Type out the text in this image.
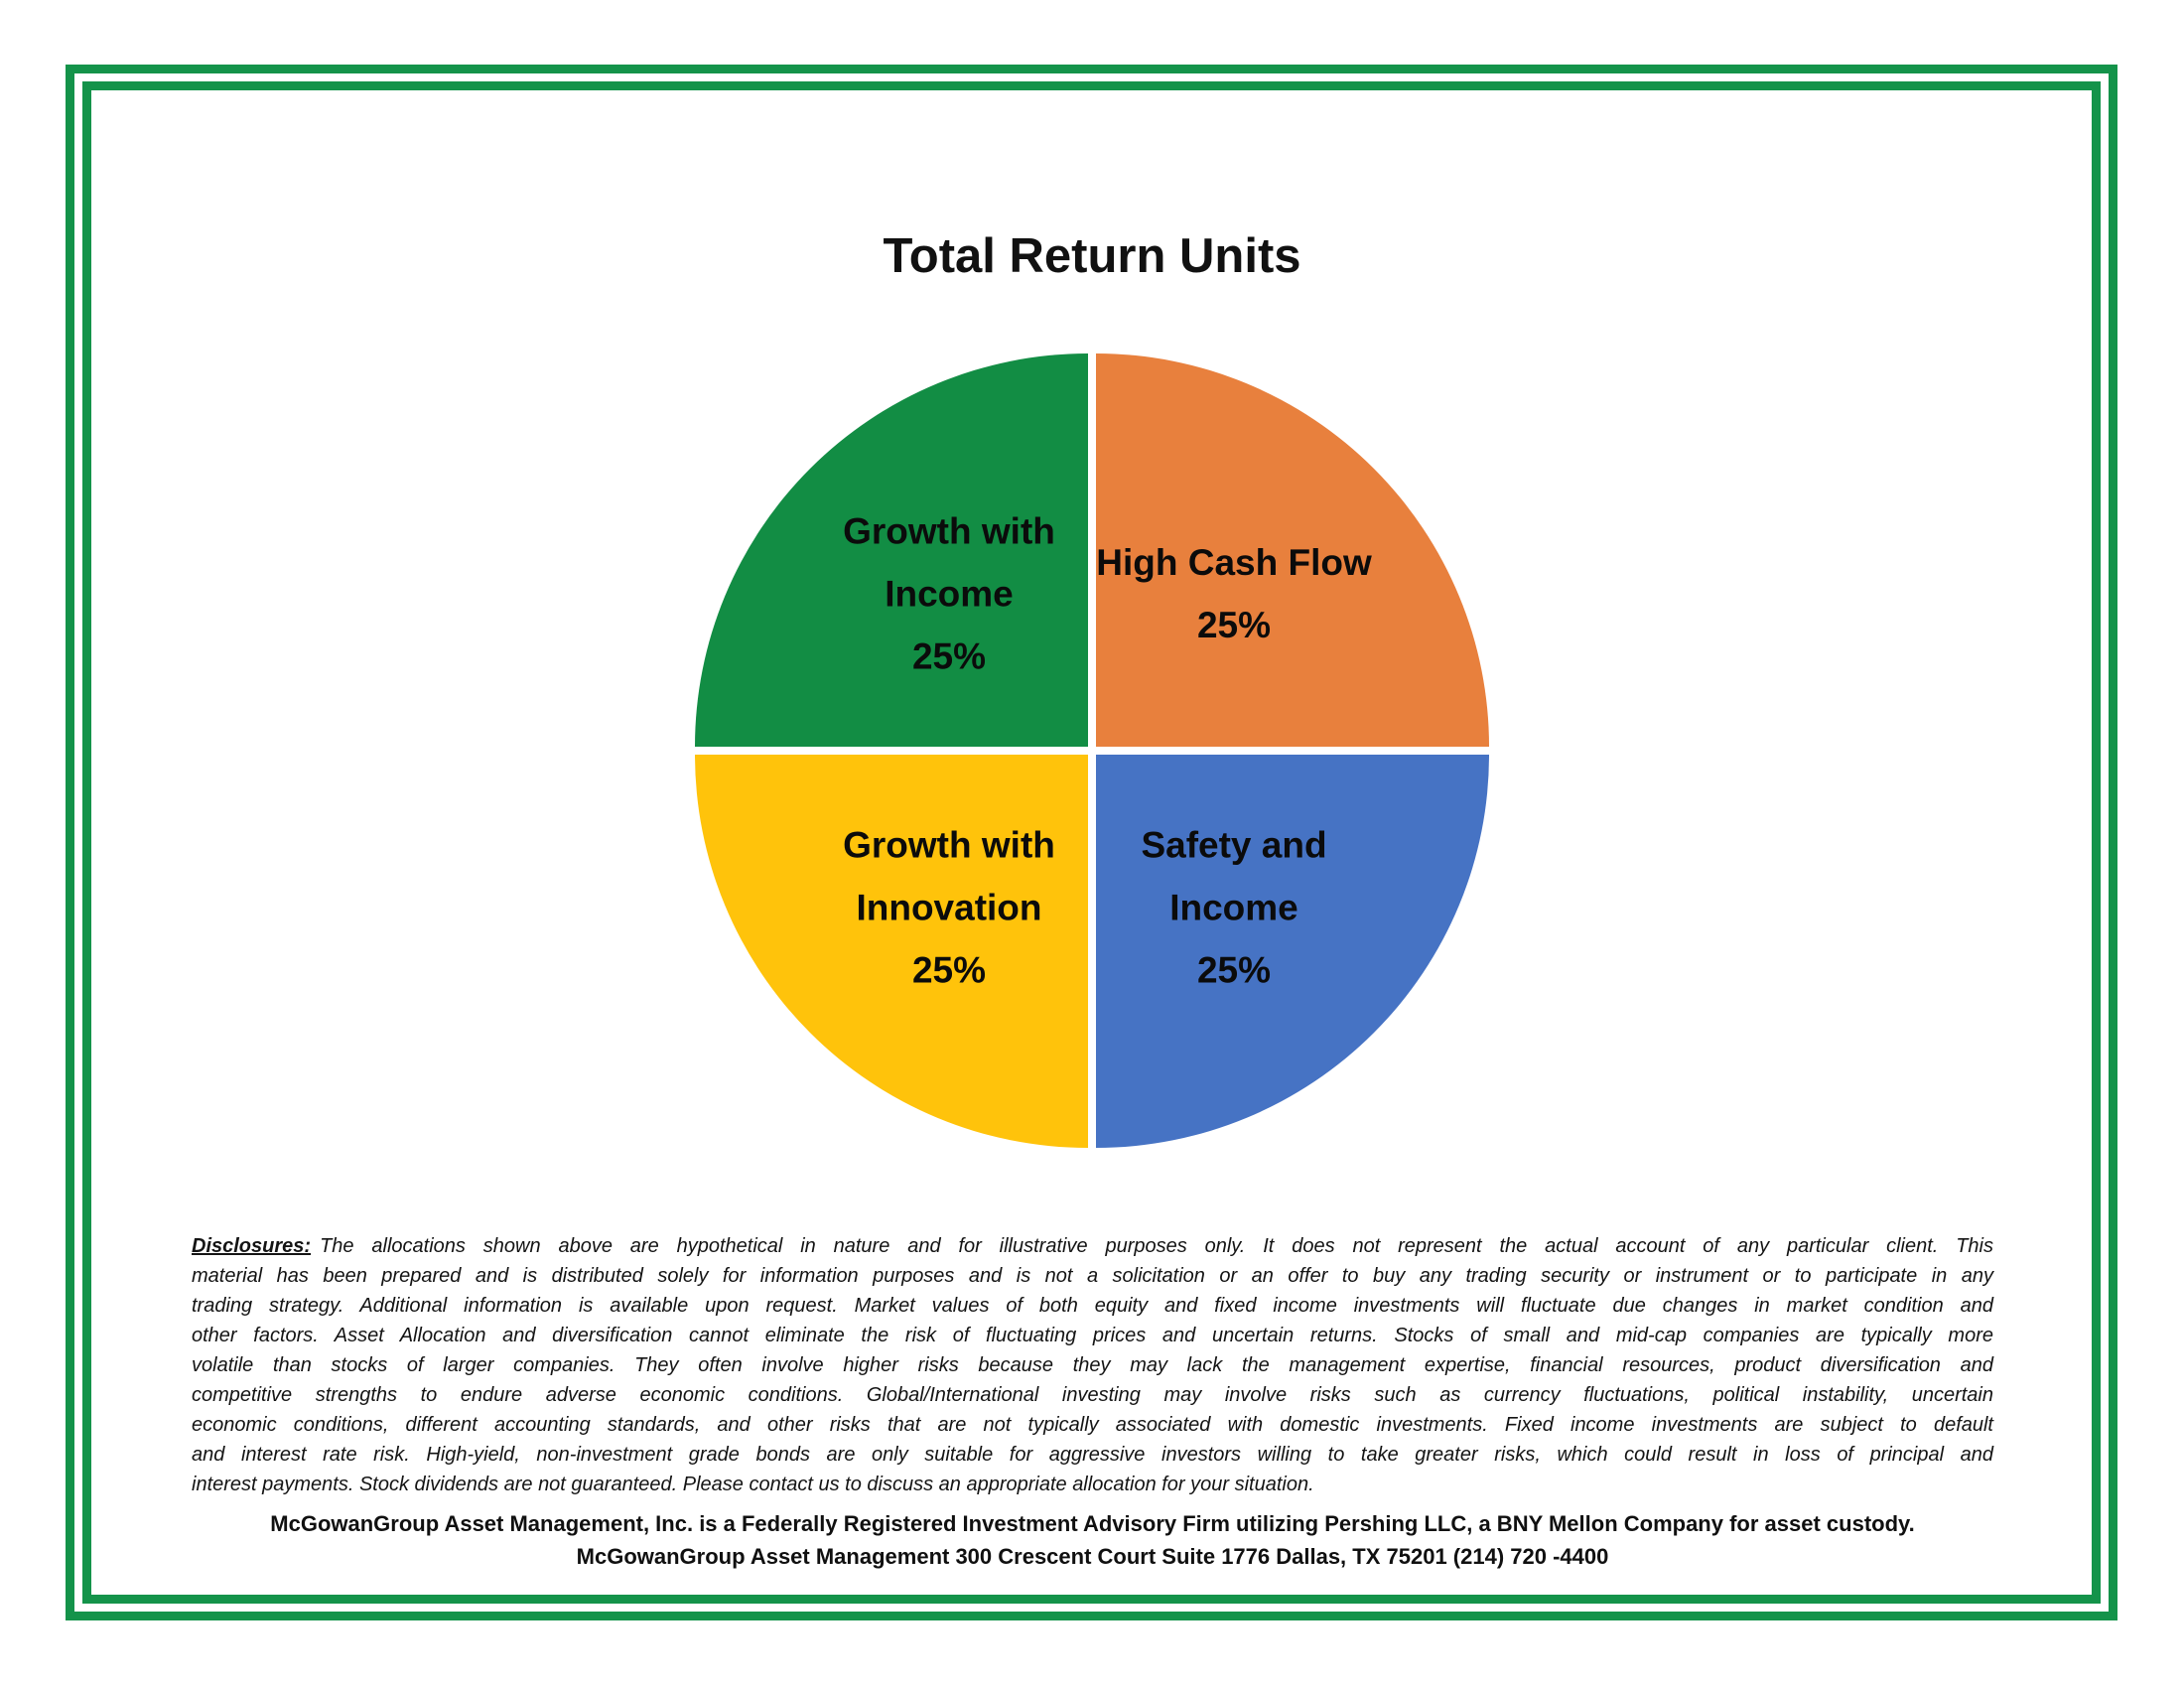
Total Return Units
Growth with
Income
25%
High Cash Flow
25%
Growth with
Innovation
25%
Safety and
Income
25%
Disclosures: The allocations shown above are hypothetical in nature and for illustrative purposes only. It does not represent the actual account of any particular client. This
material has been prepared and is distributed solely for information purposes and is not a solicitation or an offer to buy any trading security or instrument or to participate in any
trading strategy. Additional information is available upon request. Market values of both equity and fixed income investments will fluctuate due changes in market condition and
other factors. Asset Allocation and diversification cannot eliminate the risk of fluctuating prices and uncertain returns. Stocks of small and mid-cap companies are typically more
volatile than stocks of larger companies. They often involve higher risks because they may lack the management expertise, financial resources, product diversification and
competitive strengths to endure adverse economic conditions. Global/International investing may involve risks such as currency fluctuations, political instability, uncertain
economic conditions, different accounting standards, and other risks that are not typically associated with domestic investments. Fixed income investments are subject to default
and interest rate risk. High-yield, non-investment grade bonds are only suitable for aggressive investors willing to take greater risks, which could result in loss of principal and
interest payments. Stock dividends are not guaranteed. Please contact us to discuss an appropriate allocation for your situation.
McGowanGroup Asset Management, Inc. is a Federally Registered Investment Advisory Firm utilizing Pershing LLC, a BNY Mellon Company for asset custody.
McGowanGroup Asset Management 300 Crescent Court Suite 1776 Dallas, TX 75201 (214) 720 -4400
